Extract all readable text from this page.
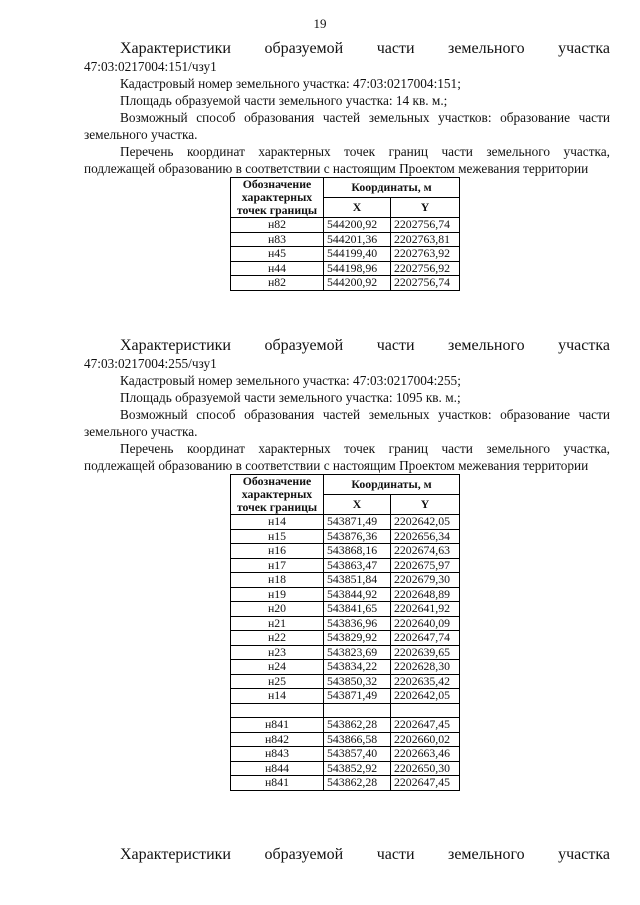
19
Характеристики образуемой части земельного участка

47:03:0217004:151/чзу1

Кадастровый номер земельного участка: 47:03:0217004:151;

Площадь образуемой части земельного участка: 14 кв. м.;

Возможный способ образования частей земельных участков: образование части земельного участка.

Перечень координат характерных точек границ части земельного участка, подлежащей образованию в соответствии с настоящим Проектом межевания территории

Обозначение характерных точек границы	Координаты, м	
	X	Y
н82	544200,92	2202756,74
н83	544201,36	2202763,81
н45	544199,40	2202763,92
н44	544198,96	2202756,92
н82	544200,92	2202756,74
Характеристики образуемой части земельного участка

47:03:0217004:255/чзу1

Кадастровый номер земельного участка: 47:03:0217004:255;

Площадь образуемой части земельного участка: 1095 кв. м.;

Возможный способ образования частей земельных участков: образование части земельного участка.

Перечень координат характерных точек границ части земельного участка, подлежащей образованию в соответствии с настоящим Проектом межевания территории

Обозначение характерных точек границы	Координаты, м	
	X	Y
н14	543871,49	2202642,05
н15	543876,36	2202656,34
н16	543868,16	2202674,63
н17	543863,47	2202675,97
н18	543851,84	2202679,30
н19	543844,92	2202648,89
н20	543841,65	2202641,92
н21	543836,96	2202640,09
н22	543829,92	2202647,74
н23	543823,69	2202639,65
н24	543834,22	2202628,30
н25	543850,32	2202635,42
н14	543871,49	2202642,05

н841	543862,28	2202647,45
н842	543866,58	2202660,02
н843	543857,40	2202663,46
н844	543852,92	2202650,30
н841	543862,28	2202647,45
Характеристики образуемой части земельного участка
